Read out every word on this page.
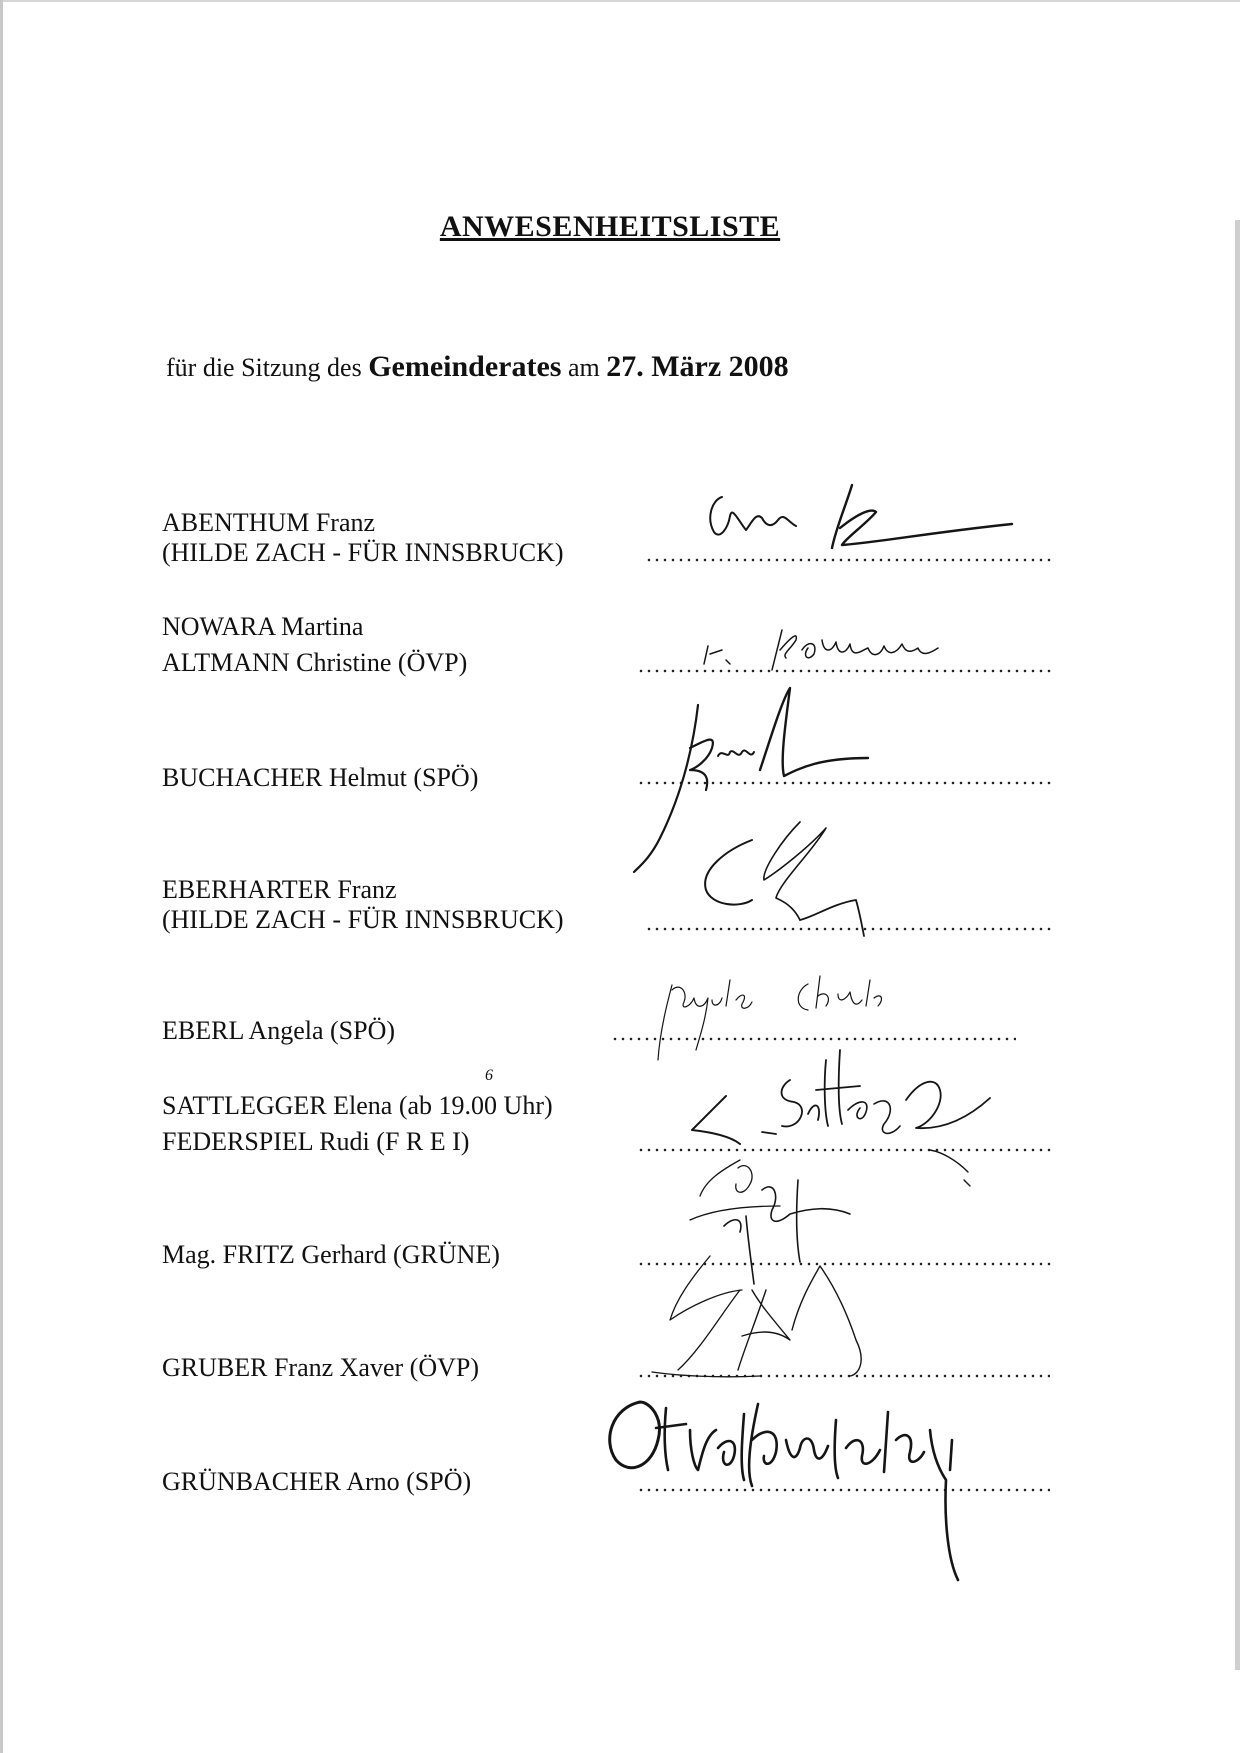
ANWESENHEITSLISTE
für die Sitzung des Gemeinderates am 27. März 2008
ABENTHUM Franz
(HILDE ZACH - FÜR INNSBRUCK)
NOWARA Martina
ALTMANN Christine (ÖVP)
BUCHACHER Helmut (SPÖ)
EBERHARTER Franz
(HILDE ZACH - FÜR INNSBRUCK)
EBERL Angela (SPÖ)
SATTLEGGER Elena (ab 19.00 Uhr)
6
FEDERSPIEL Rudi (F R E I)
Mag. FRITZ Gerhard (GRÜNE)
GRUBER Franz Xaver (ÖVP)
GRÜNBACHER Arno (SPÖ)
